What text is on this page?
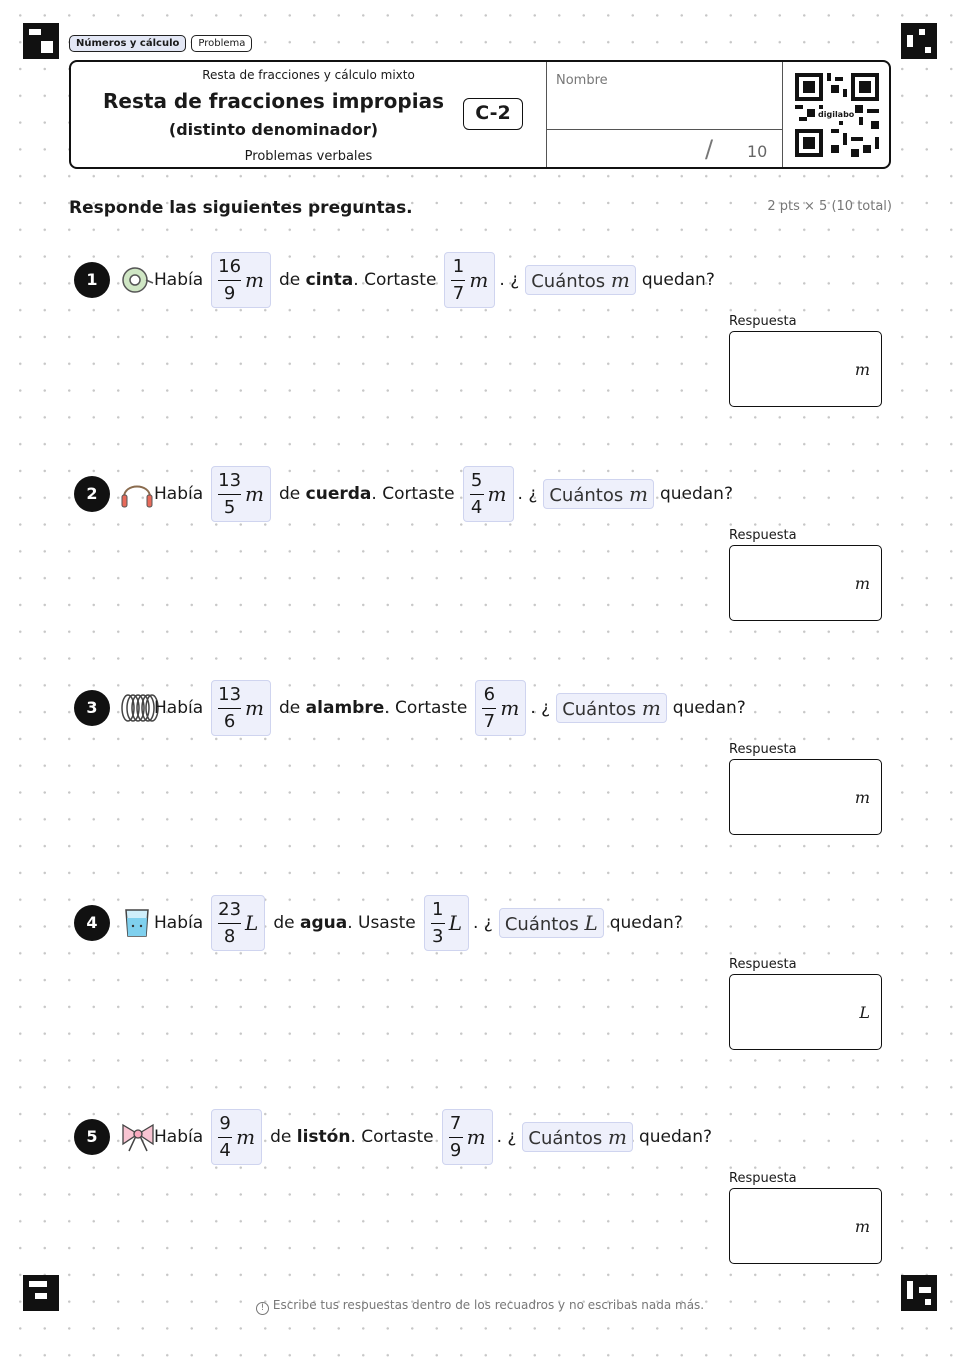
Números y cálculo	Problema
Resta de fracciones y cálculo mixto
Resta de fracciones impropias
(distinto denominador)
Problemas verbales
C-2
Nombre
/ 10
digilabo
Responde las siguientes preguntas.	2 pts × 5 (10 total)
1	Había $\frac{16}{9}$ m de cinta . Cortaste $\frac{1}{7}$ m . ¿ Cuántos m quedan?
Respuesta
m
2	Había $\frac{13}{5}$ m de cuerda . Cortaste $\frac{5}{4}$ m . ¿ Cuántos m quedan?
Respuesta
m
3	Había $\frac{13}{6}$ m de alambre . Cortaste $\frac{6}{7}$ m . ¿ Cuántos m quedan?
Respuesta
m
4	Había $\frac{23}{8}$ L de agua . Usaste $\frac{1}{3}$ L . ¿ Cuántos L quedan?
Respuesta
L
5	Había $\frac{9}{4}$ m de listón . Cortaste $\frac{7}{9}$ m . ¿ Cuántos m quedan?
Respuesta
m
! Escribe tus respuestas dentro de los recuadros y no escribas nada más.
